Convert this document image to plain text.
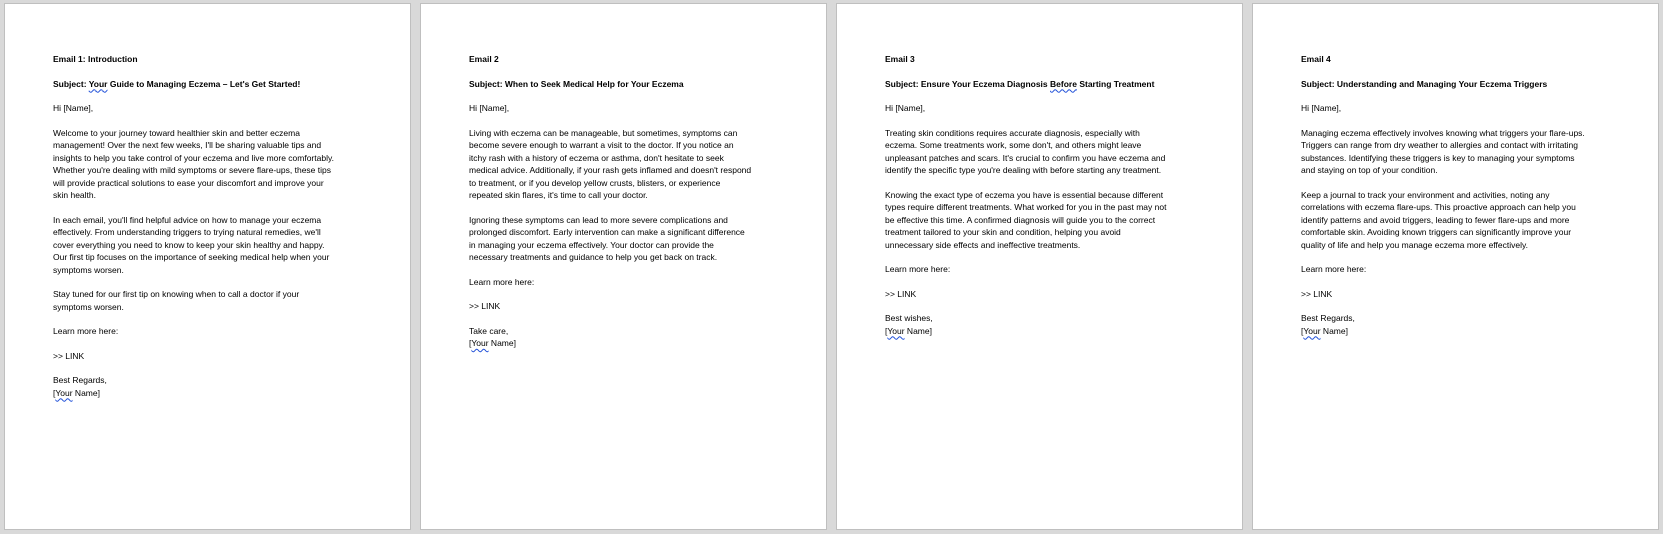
Email 1: Introduction
Subject: Your Guide to Managing Eczema – Let's Get Started!
Hi [Name],
Welcome to your journey toward healthier skin and better eczema
management! Over the next few weeks, I'll be sharing valuable tips and
insights to help you take control of your eczema and live more comfortably.
Whether you're dealing with mild symptoms or severe flare-ups, these tips
will provide practical solutions to ease your discomfort and improve your
skin health.
In each email, you'll find helpful advice on how to manage your eczema
effectively. From understanding triggers to trying natural remedies, we'll
cover everything you need to know to keep your skin healthy and happy.
Our first tip focuses on the importance of seeking medical help when your
symptoms worsen.
Stay tuned for our first tip on knowing when to call a doctor if your
symptoms worsen.
Learn more here:
>> LINK
Best Regards,
[Your Name]
Email 2
Subject: When to Seek Medical Help for Your Eczema
Hi [Name],
Living with eczema can be manageable, but sometimes, symptoms can
become severe enough to warrant a visit to the doctor. If you notice an
itchy rash with a history of eczema or asthma, don't hesitate to seek
medical advice. Additionally, if your rash gets inflamed and doesn't respond
to treatment, or if you develop yellow crusts, blisters, or experience
repeated skin flares, it's time to call your doctor.
Ignoring these symptoms can lead to more severe complications and
prolonged discomfort. Early intervention can make a significant difference
in managing your eczema effectively. Your doctor can provide the
necessary treatments and guidance to help you get back on track.
Learn more here:
>> LINK
Take care,
[Your Name]
Email 3
Subject: Ensure Your Eczema Diagnosis Before Starting Treatment
Hi [Name],
Treating skin conditions requires accurate diagnosis, especially with
eczema. Some treatments work, some don't, and others might leave
unpleasant patches and scars. It's crucial to confirm you have eczema and
identify the specific type you're dealing with before starting any treatment.
Knowing the exact type of eczema you have is essential because different
types require different treatments. What worked for you in the past may not
be effective this time. A confirmed diagnosis will guide you to the correct
treatment tailored to your skin and condition, helping you avoid
unnecessary side effects and ineffective treatments.
Learn more here:
>> LINK
Best wishes,
[Your Name]
Email 4
Subject: Understanding and Managing Your Eczema Triggers
Hi [Name],
Managing eczema effectively involves knowing what triggers your flare-ups.
Triggers can range from dry weather to allergies and contact with irritating
substances. Identifying these triggers is key to managing your symptoms
and staying on top of your condition.
Keep a journal to track your environment and activities, noting any
correlations with eczema flare-ups. This proactive approach can help you
identify patterns and avoid triggers, leading to fewer flare-ups and more
comfortable skin. Avoiding known triggers can significantly improve your
quality of life and help you manage eczema more effectively.
Learn more here:
>> LINK
Best Regards,
[Your Name]
